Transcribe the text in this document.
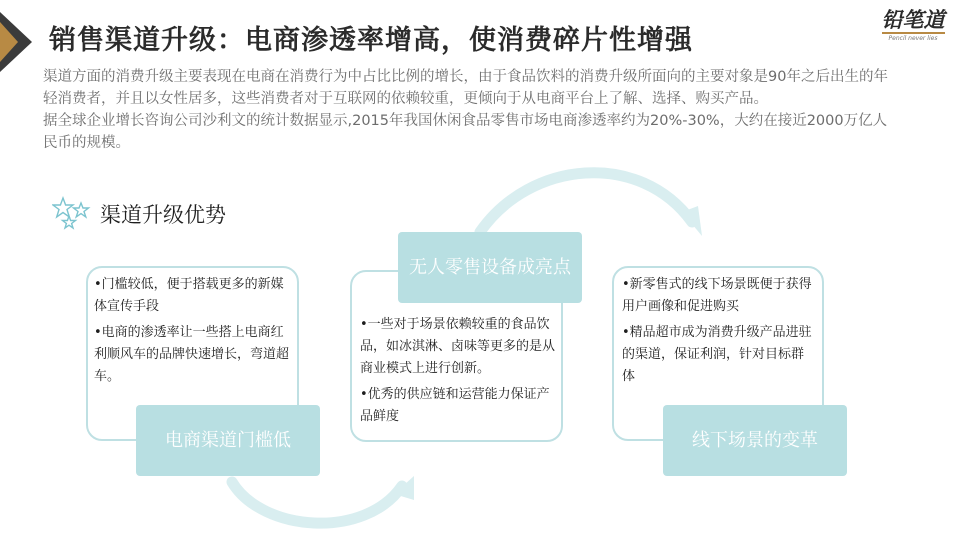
销售渠道升级：电商渗透率增高，使消费碎片性增强
铅笔道
Pencil never lies

渠道方面的消费升级主要表现在电商在消费行为中占比比例的增长，由于食品饮料的消费升级所面向的主要对象是90年之后出生的年轻消费者，并且以女性居多，这些消费者对于互联网的依赖较重，更倾向于从电商平台上了解、选择、购买产品。

据全球企业增长咨询公司沙利文的统计数据显示,2015年我国休闲食品零售市场电商渗透率约为20%-30%，大约在接近2000万亿人民币的规模。

渠道升级优势
•门槛较低，便于搭载更多的新媒体宣传手段
•电商的渗透率让一些搭上电商红利顺风车的品牌快速增长，弯道超车。
电商渠道门槛低
•一些对于场景依赖较重的食品饮品，如冰淇淋、卤味等更多的是从商业模式上进行创新。
•优秀的供应链和运营能力保证产品鲜度
无人零售设备成亮点
•新零售式的线下场景既便于获得用户画像和促进购买
•精品超市成为消费升级产品进驻的渠道，保证利润，针对目标群体
线下场景的变革
